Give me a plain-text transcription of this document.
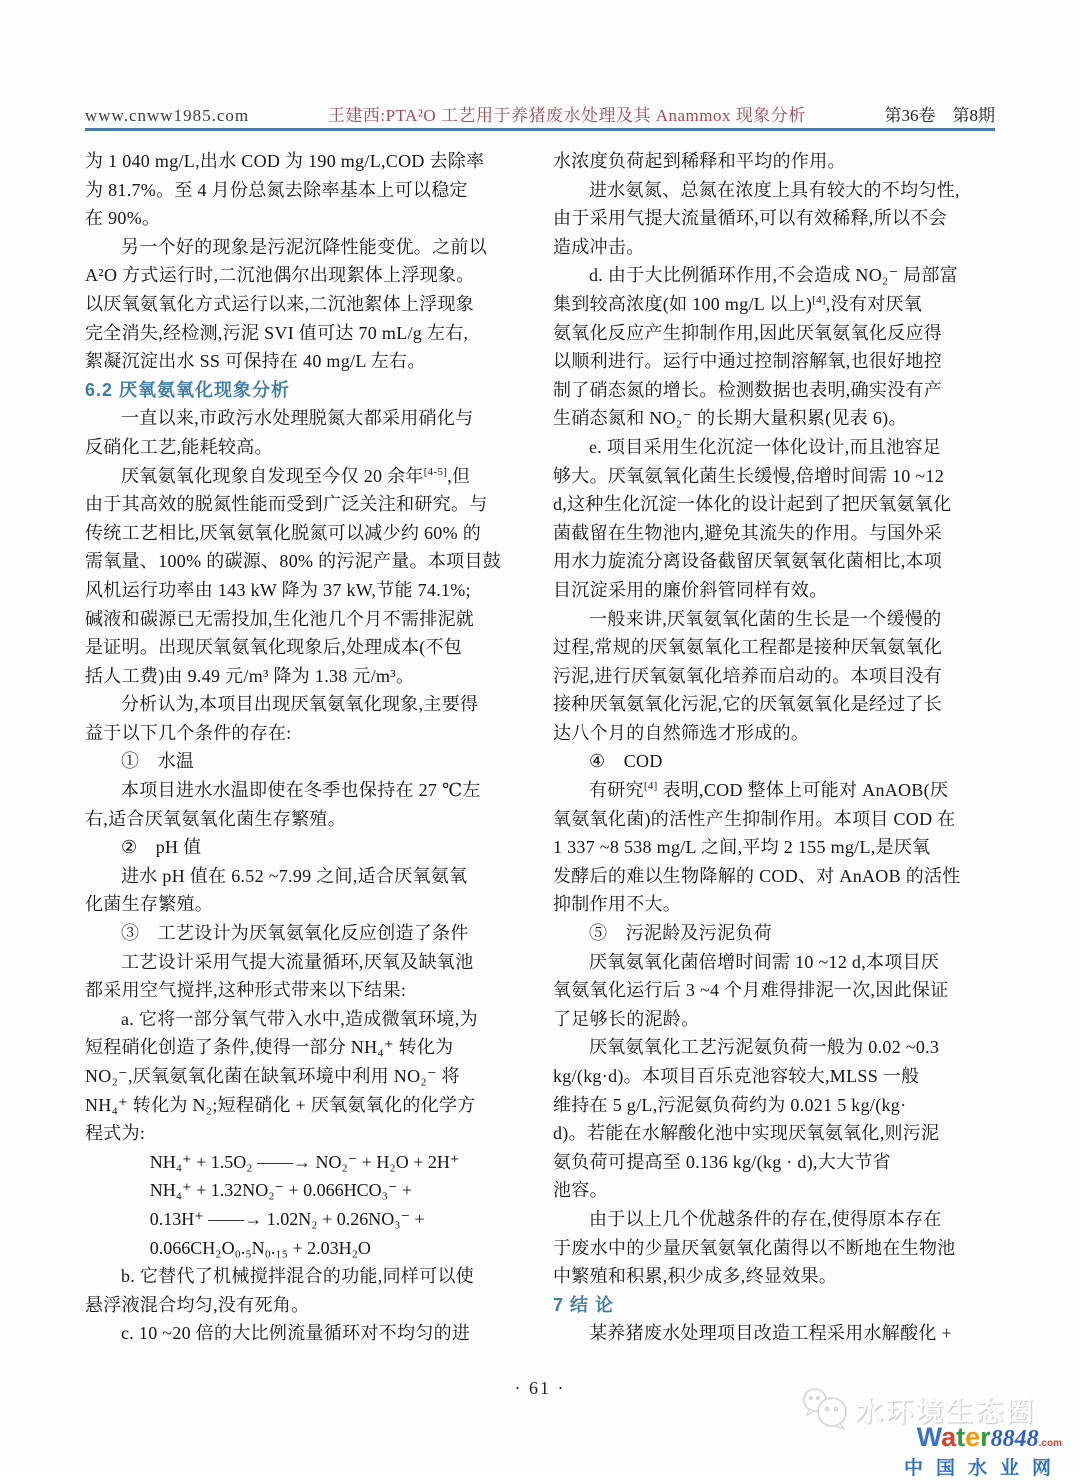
www.cnww1985.com	王建西:PTA²O 工艺用于养猪废水处理及其 Anammox 现象分析	第36卷　第8期
为 1 040 mg/L,出水 COD 为 190 mg/L,COD 去除率
为 81.7%。至 4 月份总氮去除率基本上可以稳定
在 90%。
另一个好的现象是污泥沉降性能变优。之前以
A²O 方式运行时,二沉池偶尔出现絮体上浮现象。
以厌氧氨氧化方式运行以来,二沉池絮体上浮现象
完全消失,经检测,污泥 SVI 值可达 70 mL/g 左右,
絮凝沉淀出水 SS 可保持在 40 mg/L 左右。
6.2 厌氧氨氧化现象分析
一直以来,市政污水处理脱氮大都采用硝化与
反硝化工艺,能耗较高。
厌氧氨氧化现象自发现至今仅 20 余年[4-5],但
由于其高效的脱氮性能而受到广泛关注和研究。与
传统工艺相比,厌氧氨氧化脱氮可以减少约 60% 的
需氧量、100% 的碳源、80% 的污泥产量。本项目鼓
风机运行功率由 143 kW 降为 37 kW,节能 74.1%;
碱液和碳源已无需投加,生化池几个月不需排泥就
是证明。出现厌氧氨氧化现象后,处理成本(不包
括人工费)由 9.49 元/m³ 降为 1.38 元/m³。
分析认为,本项目出现厌氧氨氧化现象,主要得
益于以下几个条件的存在:
①　水温
本项目进水水温即使在冬季也保持在 27 ℃左
右,适合厌氧氨氧化菌生存繁殖。
②　pH 值
进水 pH 值在 6.52 ~7.99 之间,适合厌氧氨氧
化菌生存繁殖。
③　工艺设计为厌氧氨氧化反应创造了条件
工艺设计采用气提大流量循环,厌氧及缺氧池
都采用空气搅拌,这种形式带来以下结果:
a. 它将一部分氧气带入水中,造成微氧环境,为
短程硝化创造了条件,使得一部分 NH₄⁺ 转化为
NO₂⁻,厌氧氨氧化菌在缺氧环境中利用 NO₂⁻ 将
NH₄⁺ 转化为 N₂;短程硝化 + 厌氧氨氧化的化学方
程式为:
NH₄⁺ + 1.5O₂ ——→ NO₂⁻ + H₂O + 2H⁺
NH₄⁺ + 1.32NO₂⁻ + 0.066HCO₃⁻ +
0.13H⁺ ——→ 1.02N₂ + 0.26NO₃⁻ +
0.066CH₂O₀.₅N₀.₁₅ + 2.03H₂O
b. 它替代了机械搅拌混合的功能,同样可以使
悬浮液混合均匀,没有死角。
c. 10 ~20 倍的大比例流量循环对不均匀的进
水浓度负荷起到稀释和平均的作用。
进水氨氮、总氮在浓度上具有较大的不均匀性,
由于采用气提大流量循环,可以有效稀释,所以不会
造成冲击。
d. 由于大比例循环作用,不会造成 NO₂⁻ 局部富
集到较高浓度(如 100 mg/L 以上)[4],没有对厌氧
氨氧化反应产生抑制作用,因此厌氧氨氧化反应得
以顺利进行。运行中通过控制溶解氧,也很好地控
制了硝态氮的增长。检测数据也表明,确实没有产
生硝态氮和 NO₂⁻ 的长期大量积累(见表 6)。
e. 项目采用生化沉淀一体化设计,而且池容足
够大。厌氧氨氧化菌生长缓慢,倍增时间需 10 ~12
d,这种生化沉淀一体化的设计起到了把厌氧氨氧化
菌截留在生物池内,避免其流失的作用。与国外采
用水力旋流分离设备截留厌氧氨氧化菌相比,本项
目沉淀采用的廉价斜管同样有效。
一般来讲,厌氧氨氧化菌的生长是一个缓慢的
过程,常规的厌氧氨氧化工程都是接种厌氧氨氧化
污泥,进行厌氧氨氧化培养而启动的。本项目没有
接种厌氧氨氧化污泥,它的厌氧氨氧化是经过了长
达八个月的自然筛选才形成的。
④　COD
有研究[4] 表明,COD 整体上可能对 AnAOB(厌
氧氨氧化菌)的活性产生抑制作用。本项目 COD 在
1 337 ~8 538 mg/L 之间,平均 2 155 mg/L,是厌氧
发酵后的难以生物降解的 COD、对 AnAOB 的活性
抑制作用不大。
⑤　污泥龄及污泥负荷
厌氧氨氧化菌倍增时间需 10 ~12 d,本项目厌
氧氨氧化运行后 3 ~4 个月难得排泥一次,因此保证
了足够长的泥龄。
厌氧氨氧化工艺污泥氨负荷一般为 0.02 ~0.3
kg/(kg·d)。本项目百乐克池容较大,MLSS 一般
维持在 5 g/L,污泥氨负荷约为 0.021 5 kg/(kg·
d)。若能在水解酸化池中实现厌氧氨氧化,则污泥
氨负荷可提高至 0.136 kg/(kg · d),大大节省
池容。
由于以上几个优越条件的存在,使得原本存在
于废水中的少量厌氧氨氧化菌得以不断地在生物池
中繁殖和积累,积少成多,终显效果。
7 结 论
某养猪废水处理项目改造工程采用水解酸化 +
· 61 ·
水环境生态圈
Water8848.com
中国水业网
